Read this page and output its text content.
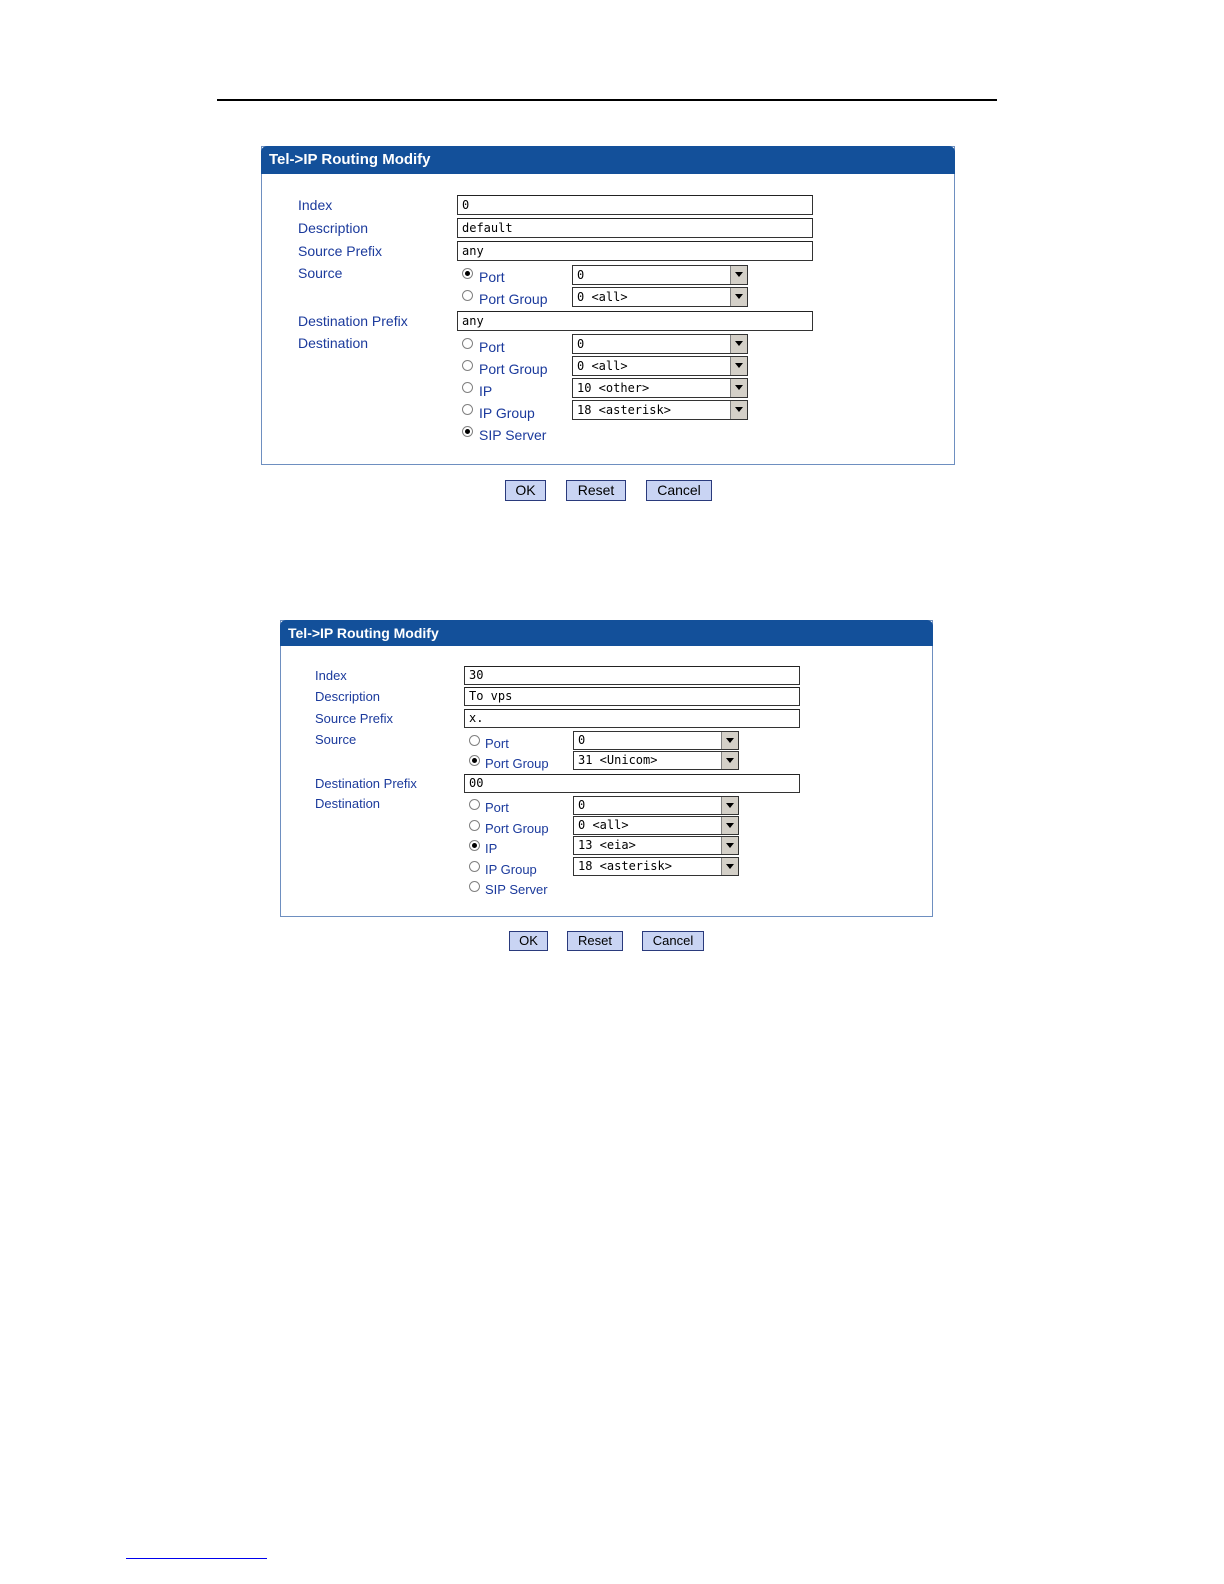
Tel->IP Routing Modify
Index	0
Description	default
Source Prefix	any
Source	Port	0
Port Group 0 <all>
Destination Prefix	any
Destination	Port	0
Port Group 0 <all>
IP	10 <other>
IP Group	18 <asterisk>
SIP Server
OK	Reset	Cancel
Tel->IP Routing Modify
Index	30
Description	To vps
Source Prefix	x.
Source	Port	0
Port Group 31 <Unicom>
Destination Prefix	00
Destination	Port	0
Port Group 0 <all>
IP	13 <eia>
IP Group	18 <asterisk>
SIP Server
OK	Reset	Cancel
